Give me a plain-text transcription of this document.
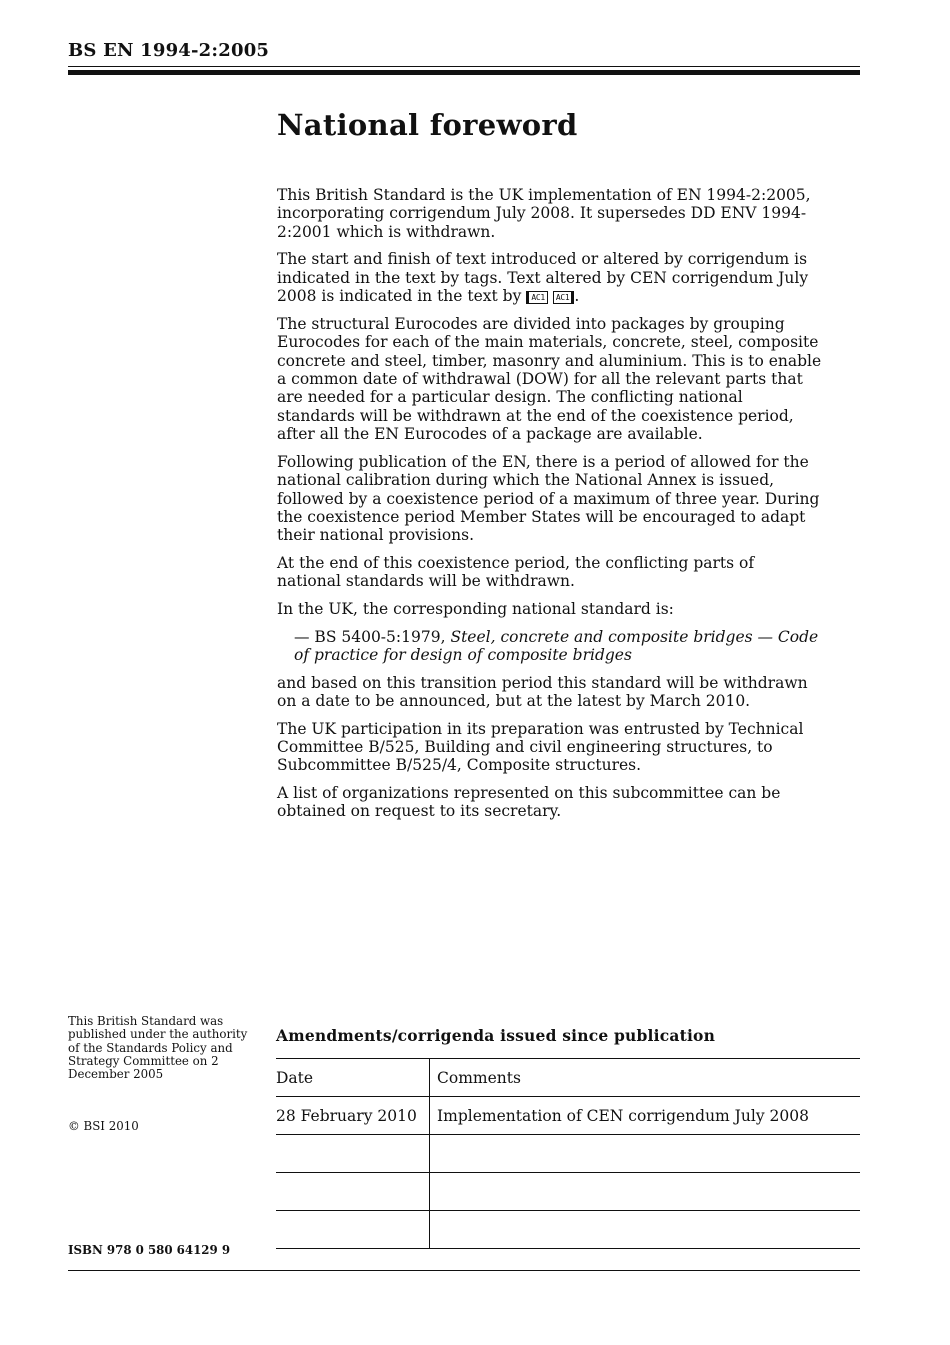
BS EN 1994-2:2005
National foreword

This British Standard is the UK implementation of EN 1994-2:2005, incorporating corrigendum July 2008. It supersedes DD ENV 1994-2:2001 which is withdrawn.

The start and finish of text introduced or altered by corrigendum is indicated in the text by tags. Text altered by CEN corrigendum July 2008 is indicated in the text by AC1 AC1 .

The structural Eurocodes are divided into packages by grouping Eurocodes for each of the main materials, concrete, steel, composite concrete and steel, timber, masonry and aluminium. This is to enable a common date of withdrawal (DOW) for all the relevant parts that are needed for a particular design. The conflicting national standards will be withdrawn at the end of the coexistence period, after all the EN Eurocodes of a package are available.

Following publication of the EN, there is a period of allowed for the national calibration during which the National Annex is issued, followed by a coexistence period of a maximum of three year. During the coexistence period Member States will be encouraged to adapt their national provisions.

At the end of this coexistence period, the conflicting parts of national standards will be withdrawn.

In the UK, the corresponding national standard is:

— BS 5400-5:1979, Steel, concrete and composite bridges — Code of practice for design of composite bridges

and based on this transition period this standard will be withdrawn on a date to be announced, but at the latest by March 2010.

The UK participation in its preparation was entrusted by Technical Committee B/525, Building and civil engineering structures, to Subcommittee B/525/4, Composite structures.

A list of organizations represented on this subcommittee can be obtained on request to its secretary.

This British Standard was published under the authority of the Standards Policy and Strategy Committee on 2 December 2005
© BSI 2010
ISBN 978 0 580 64129 9
Amendments/corrigenda issued since publication
Date	Comments
28 February 2010	Implementation of CEN corrigendum July 2008
